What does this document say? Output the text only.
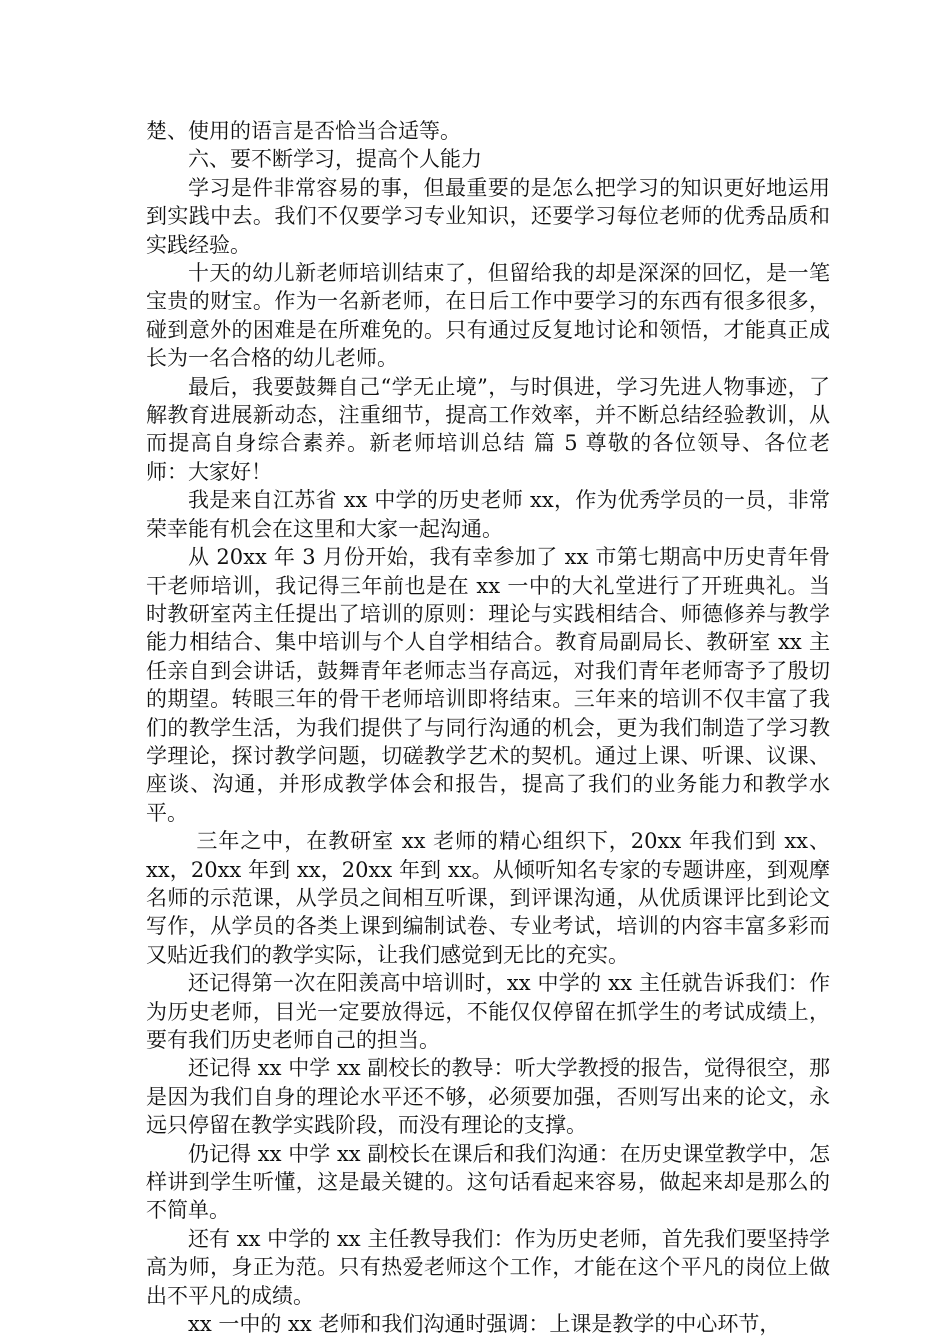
楚、使用的语言是否恰当合适等。

六、要不断学习，提高个人能力

学习是件非常容易的事，但最重要的是怎么把学习的知识更好地运用到实践中去。我们不仅要学习专业知识，还要学习每位老师的优秀品质和实践经验。

十天的幼儿新老师培训结束了，但留给我的却是深深的回忆，是一笔宝贵的财宝。作为一名新老师，在日后工作中要学习的东西有很多很多，碰到意外的困难是在所难免的。只有通过反复地讨论和领悟，才能真正成长为一名合格的幼儿老师。

最后，我要鼓舞自己“学无止境”，与时俱进，学习先进人物事迹，了解教育进展新动态，注重细节，提高工作效率，并不断总结经验教训，从而提高自身综合素养。新老师培训总结 篇 5 尊敬的各位领导、各位老师：大家好！

我是来自江苏省 xx 中学的历史老师 xx，作为优秀学员的一员，非常荣幸能有机会在这里和大家一起沟通。

从 20xx 年 3 月份开始，我有幸参加了 xx 市第七期高中历史青年骨干老师培训，我记得三年前也是在 xx 一中的大礼堂进行了开班典礼。当时教研室芮主任提出了培训的原则：理论与实践相结合、师德修养与教学能力相结合、集中培训与个人自学相结合。教育局副局长、教研室 xx 主任亲自到会讲话，鼓舞青年老师志当存高远，对我们青年老师寄予了殷切的期望。转眼三年的骨干老师培训即将结束。三年来的培训不仅丰富了我们的教学生活，为我们提供了与同行沟通的机会，更为我们制造了学习教学理论，探讨教学问题，切磋教学艺术的契机。通过上课、听课、议课、座谈、沟通，并形成教学体会和报告，提高了我们的业务能力和教学水平。

三年之中，在教研室 xx 老师的精心组织下，20xx 年我们到 xx、xx，20xx 年到 xx，20xx 年到 xx。从倾听知名专家的专题讲座，到观摩名师的示范课，从学员之间相互听课，到评课沟通，从优质课评比到论文写作，从学员的各类上课到编制试卷、专业考试，培训的内容丰富多彩而又贴近我们的教学实际，让我们感觉到无比的充实。

还记得第一次在阳羡高中培训时，xx 中学的 xx 主任就告诉我们：作为历史老师，目光一定要放得远，不能仅仅停留在抓学生的考试成绩上，要有我们历史老师自己的担当。

还记得 xx 中学 xx 副校长的教导：听大学教授的报告，觉得很空，那是因为我们自身的理论水平还不够，必须要加强，否则写出来的论文，永远只停留在教学实践阶段，而没有理论的支撑。

仍记得 xx 中学 xx 副校长在课后和我们沟通：在历史课堂教学中，怎样讲到学生听懂，这是最关键的。这句话看起来容易，做起来却是那么的不简单。

还有 xx 中学的 xx 主任教导我们：作为历史老师，首先我们要坚持学高为师，身正为范。只有热爱老师这个工作，才能在这个平凡的岗位上做出不平凡的成绩。

xx 一中的 xx 老师和我们沟通时强调：上课是教学的中心环节，
